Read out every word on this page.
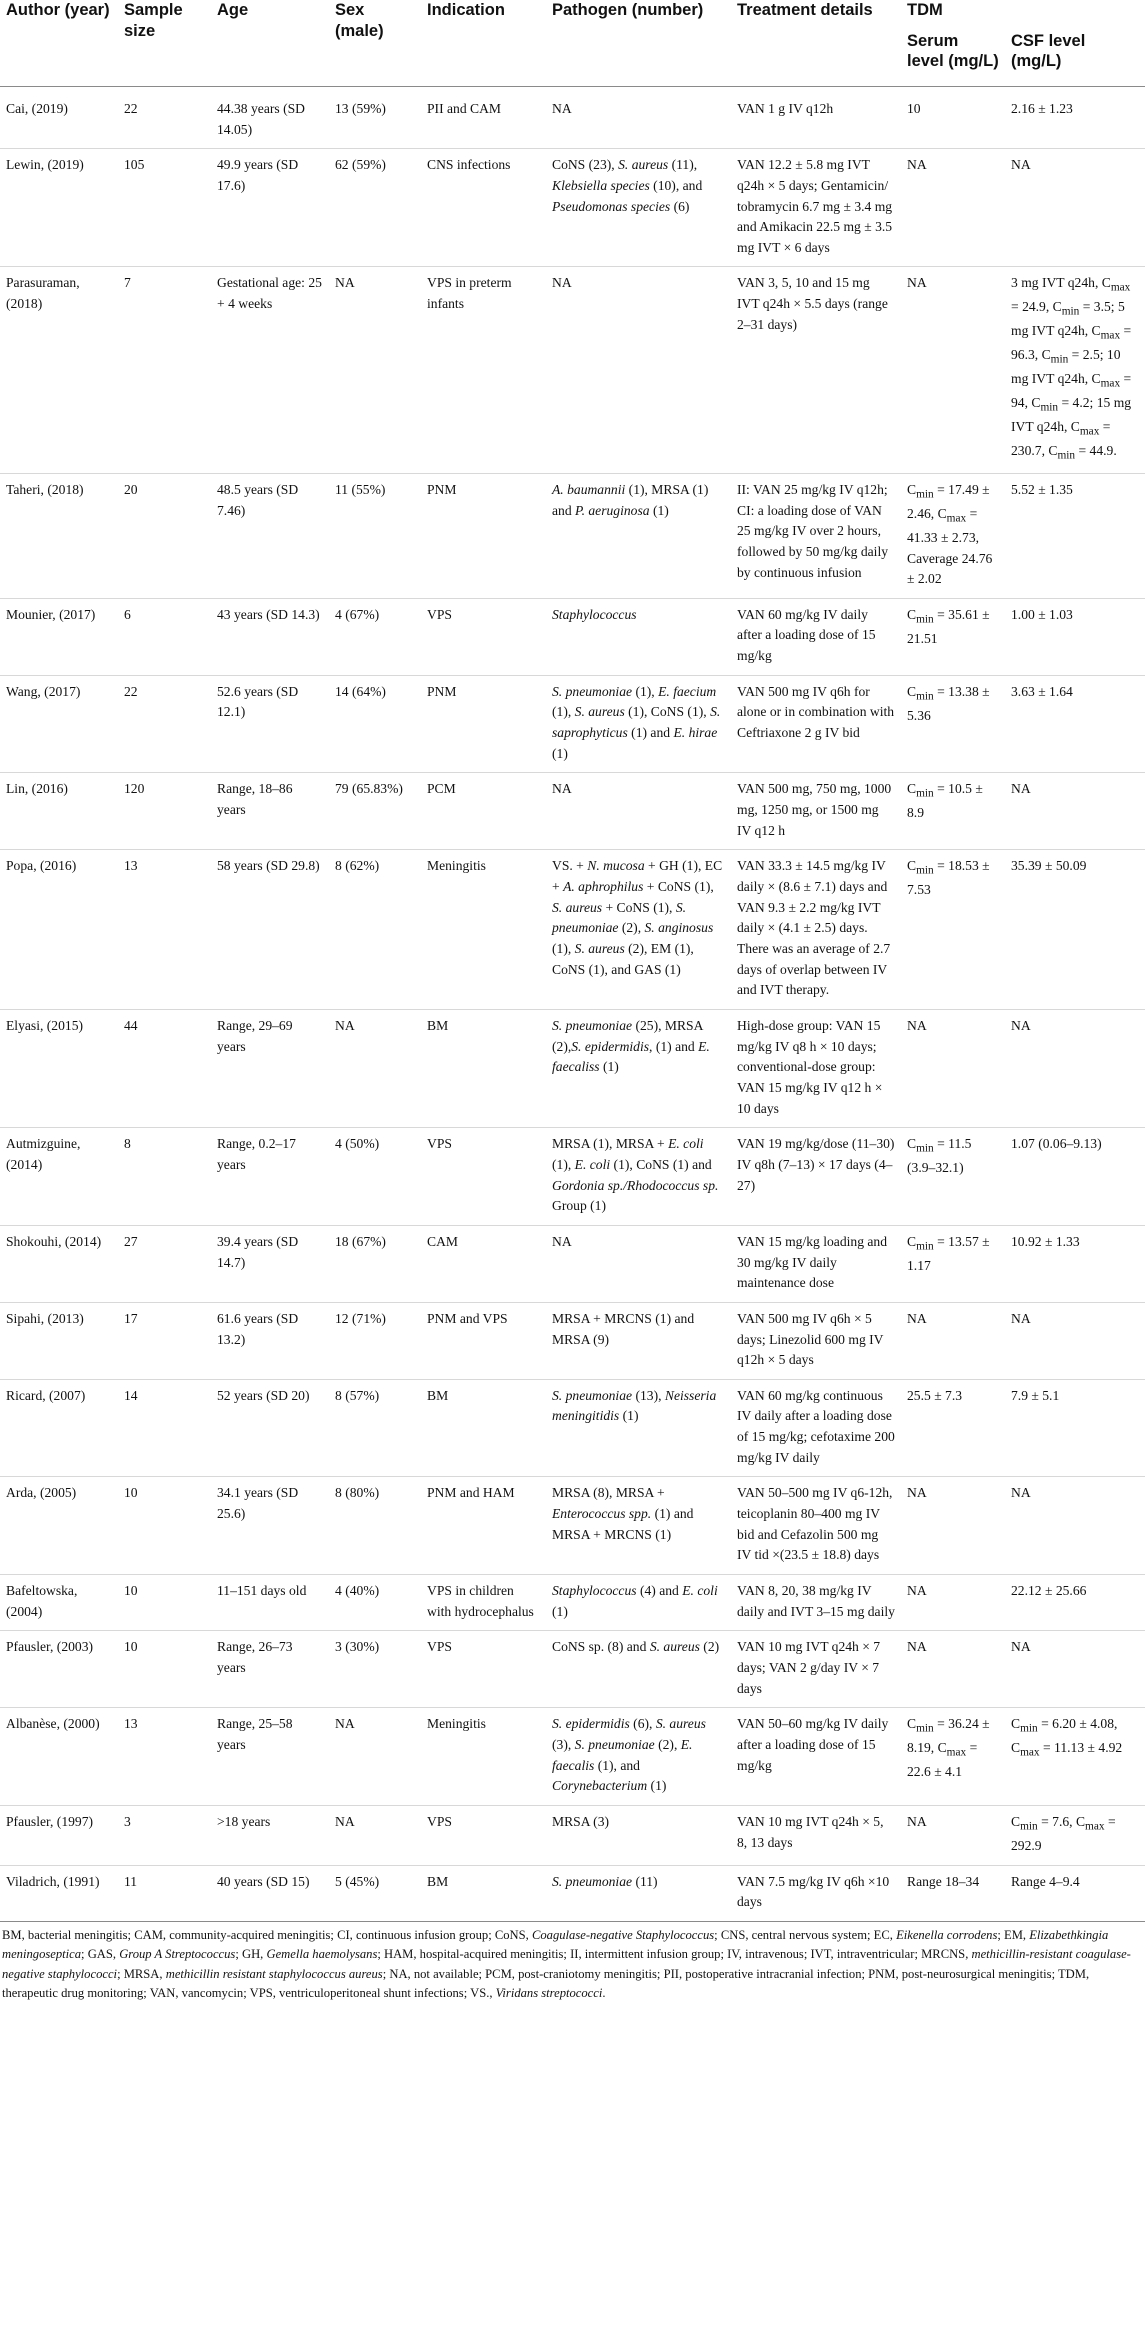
Author (year)	Sample size	Age	Sex (male)	Indication	Pathogen (number)	Treatment details	TDM	
							Serum level (mg/L)	CSF level (mg/L)
Cai, (2019)	22	44.38 years (SD 14.05)	13 (59%)	PII and CAM	NA	VAN 1 g IV q12h	10	2.16 ± 1.23
Lewin, (2019)	105	49.9 years (SD 17.6)	62 (59%)	CNS infections	CoNS (23), S. aureus (11), Klebsiella species (10), and Pseudomonas species (6)	VAN 12.2 ± 5.8 mg IVT q24h × 5 days; Gentamicin/ tobramycin 6.7 mg ± 3.4 mg and Amikacin 22.5 mg ± 3.5 mg IVT × 6 days	NA	NA
Parasuraman, (2018)	7	Gestational age: 25 + 4 weeks	NA	VPS in preterm infants	NA	VAN 3, 5, 10 and 15 mg IVT q24h × 5.5 days (range 2–31 days)	NA	3 mg IVT q24h, $C_{max} = 24.9$, $C_{min} = 3.5$; 5 mg IVT q24h, $C_{max} = 96.3$, $C_{min} = 2.5$; 10 mg IVT q24h, $C_{max} = 94$, $C_{min} = 4.2$; 15 mg IVT q24h, $C_{max} = 230.7$, $C_{min} = 44.9$.
Taheri, (2018)	20	48.5 years (SD 7.46)	11 (55%)	PNM	A. baumannii (1), MRSA (1) and P. aeruginosa (1)	II: VAN 25 mg/kg IV q12h; CI: a loading dose of VAN 25 mg/kg IV over 2 hours, followed by 50 mg/kg daily by continuous infusion	$C_{min} = 17.49 \pm 2.46$, $C_{max} = 41.33 \pm 2.73$, Caverage 24.76 ± 2.02	5.52 ± 1.35
Mounier, (2017)	6	43 years (SD 14.3)	4 (67%)	VPS	Staphylococcus	VAN 60 mg/kg IV daily after a loading dose of 15 mg/kg	$C_{min} = 35.61 \pm 21.51$	1.00 ± 1.03
Wang, (2017)	22	52.6 years (SD 12.1)	14 (64%)	PNM	S. pneumoniae (1), E. faecium (1), S. aureus (1), CoNS (1), S. saprophyticus (1) and E. hirae (1)	VAN 500 mg IV q6h for alone or in combination with Ceftriaxone 2 g IV bid	$C_{min} = 13.38 \pm 5.36$	3.63 ± 1.64
Lin, (2016)	120	Range, 18–86 years	79 (65.83%)	PCM	NA	VAN 500 mg, 750 mg, 1000 mg, 1250 mg, or 1500 mg IV q12 h	$C_{min} = 10.5 \pm 8.9$	NA
Popa, (2016)	13	58 years (SD 29.8)	8 (62%)	Meningitis	VS. + N. mucosa + GH (1), EC + A. aphrophilus + CoNS (1), S. aureus + CoNS (1), S. pneumoniae (2), S. anginosus (1), S. aureus (2), EM (1), CoNS (1), and GAS (1)	VAN 33.3 ± 14.5 mg/kg IV daily × (8.6 ± 7.1) days and VAN 9.3 ± 2.2 mg/kg IVT daily × (4.1 ± 2.5) days. There was an average of 2.7 days of overlap between IV and IVT therapy.	$C_{min} = 18.53 \pm 7.53$	35.39 ± 50.09
Elyasi, (2015)	44	Range, 29–69 years	NA	BM	S. pneumoniae (25), MRSA (2),S. epidermidis, (1) and E. faecaliss (1)	High-dose group: VAN 15 mg/kg IV q8 h × 10 days; conventional-dose group: VAN 15 mg/kg IV q12 h × 10 days	NA	NA
Autmizguine, (2014)	8	Range, 0.2–17 years	4 (50%)	VPS	MRSA (1), MRSA + E. coli (1), E. coli (1), CoNS (1) and Gordonia sp./Rhodococcus sp. Group (1)	VAN 19 mg/kg/dose (11–30) IV q8h (7–13) × 17 days (4–27)	$C_{min} = 11.5$ (3.9–32.1)	1.07 (0.06–9.13)
Shokouhi, (2014)	27	39.4 years (SD 14.7)	18 (67%)	CAM	NA	VAN 15 mg/kg loading and 30 mg/kg IV daily maintenance dose	$C_{min} = 13.57 \pm 1.17$	10.92 ± 1.33
Sipahi, (2013)	17	61.6 years (SD 13.2)	12 (71%)	PNM and VPS	MRSA + MRCNS (1) and MRSA (9)	VAN 500 mg IV q6h × 5 days; Linezolid 600 mg IV q12h × 5 days	NA	NA
Ricard, (2007)	14	52 years (SD 20)	8 (57%)	BM	S. pneumoniae (13), Neisseria meningitidis (1)	VAN 60 mg/kg continuous IV daily after a loading dose of 15 mg/kg; cefotaxime 200 mg/kg IV daily	25.5 ± 7.3	7.9 ± 5.1
Arda, (2005)	10	34.1 years (SD 25.6)	8 (80%)	PNM and HAM	MRSA (8), MRSA + Enterococcus spp. (1) and MRSA + MRCNS (1)	VAN 50–500 mg IV q6-12h, teicoplanin 80–400 mg IV bid and Cefazolin 500 mg IV tid ×(23.5 ± 18.8) days	NA	NA
Bafeltowska, (2004)	10	11–151 days old	4 (40%)	VPS in children with hydrocephalus	Staphylococcus (4) and E. coli (1)	VAN 8, 20, 38 mg/kg IV daily and IVT 3–15 mg daily	NA	22.12 ± 25.66
Pfausler, (2003)	10	Range, 26–73 years	3 (30%)	VPS	CoNS sp. (8) and S. aureus (2)	VAN 10 mg IVT q24h × 7 days; VAN 2 g/day IV × 7 days	NA	NA
Albanèse, (2000)	13	Range, 25–58 years	NA	Meningitis	S. epidermidis (6), S. aureus (3), S. pneumoniae (2), E. faecalis (1), and Corynebacterium (1)	VAN 50–60 mg/kg IV daily after a loading dose of 15 mg/kg	$C_{min} = 36.24 \pm 8.19$, $C_{max} = 22.6 \pm 4.1$	$C_{min} = 6.20 \pm 4.08$, $C_{max} = 11.13 \pm 4.92$
Pfausler, (1997)	3	>18 years	NA	VPS	MRSA (3)	VAN 10 mg IVT q24h × 5, 8, 13 days	NA	$C_{min} = 7.6$, $C_{max} = 292.9$
Viladrich, (1991)	11	40 years (SD 15)	5 (45%)	BM	S. pneumoniae (11)	VAN 7.5 mg/kg IV q6h ×10 days	Range 18–34	Range 4–9.4
BM, bacterial meningitis; CAM, community-acquired meningitis; CI, continuous infusion group; CoNS, Coagulase-negative Staphylococcus; CNS, central nervous system; EC, Eikenella corrodens; EM, Elizabethkingia meningoseptica; GAS, Group A Streptococcus; GH, Gemella haemolysans; HAM, hospital-acquired meningitis; II, intermittent infusion group; IV, intravenous; IVT, intraventricular; MRCNS, methicillin-resistant coagulase-negative staphylococci; MRSA, methicillin resistant staphylococcus aureus; NA, not available; PCM, post-craniotomy meningitis; PII, postoperative intracranial infection; PNM, post-neurosurgical meningitis; TDM, therapeutic drug monitoring; VAN, vancomycin; VPS, ventriculoperitoneal shunt infections; VS., Viridans streptococci.
